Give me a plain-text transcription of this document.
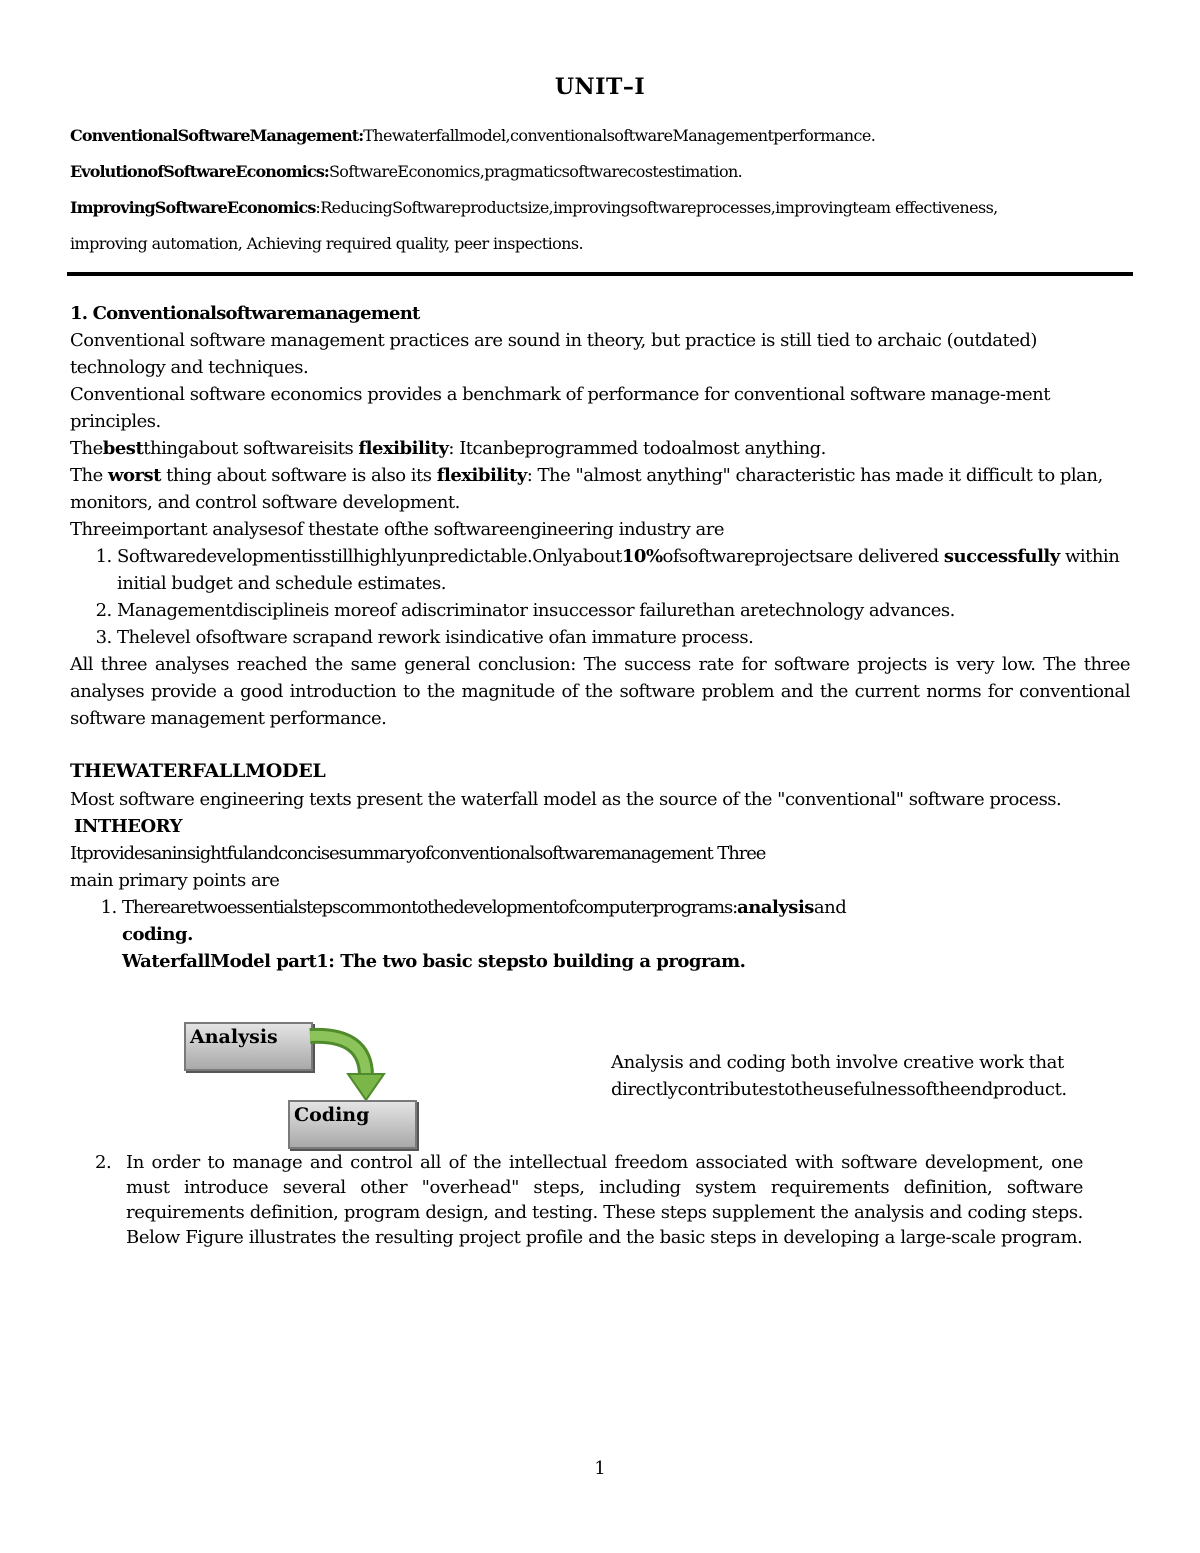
UNIT–I
ConventionalSoftwareManagement:Thewaterfallmodel,conventionalsoftwareManagementperformance.
EvolutionofSoftwareEconomics:SoftwareEconomics,pragmaticsoftwarecostestimation.
ImprovingSoftwareEconomics:ReducingSoftwareproductsize,improvingsoftwareprocesses,improvingteam effectiveness,
improving automation, Achieving required quality, peer inspections.
1. Conventionalsoftwaremanagement

Conventional software management practices are sound in theory, but practice is still tied to archaic (outdated) technology and techniques.

Conventional software economics provides a benchmark of performance for conventional software manage-ment principles.

Thebestthingabout softwareisits flexibility: Itcanbeprogrammed todoalmost anything.

The worst thing about software is also its flexibility: The "almost anything" characteristic has made it difficult to plan, monitors, and control software development.

Threeimportant analysesof thestate ofthe softwareengineering industry are

1. Softwaredevelopmentisstillhighlyunpredictable.Onlyabout10%ofsoftwareprojectsare delivered successfully within initial budget and schedule estimates.
2. Managementdisciplineis moreof adiscriminator insuccessor failurethan aretechnology advances.
3. Thelevel ofsoftware scrapand rework isindicative ofan immature process.

All three analyses reached the same general conclusion: The success rate for software projects is very low. The three analyses provide a good introduction to the magnitude of the software problem and the current norms for conventional software management performance.

THEWATERFALLMODEL

Most software engineering texts present the waterfall model as the source of the "conventional" software process.

INTHEORY
Itprovidesaninsightfulandconcisesummaryofconventionalsoftwaremanagement Three
main primary points are
1. Therearetwoessentialstepscommontothedevelopmentofcomputerprograms:analysisand
coding.
WaterfallModel part1: The two basic stepsto building a program.
Analysis
Coding
Analysis and coding both involve creative work that directlycontributestotheusefulnessoftheendproduct.
2. In order to manage and control all of the intellectual freedom associated with software development, one must introduce several other "overhead" steps, including system requirements definition, software requirements definition, program design, and testing. These steps supplement the analysis and coding steps. Below Figure illustrates the resulting project profile and the basic steps in developing a large-scale program.
1
